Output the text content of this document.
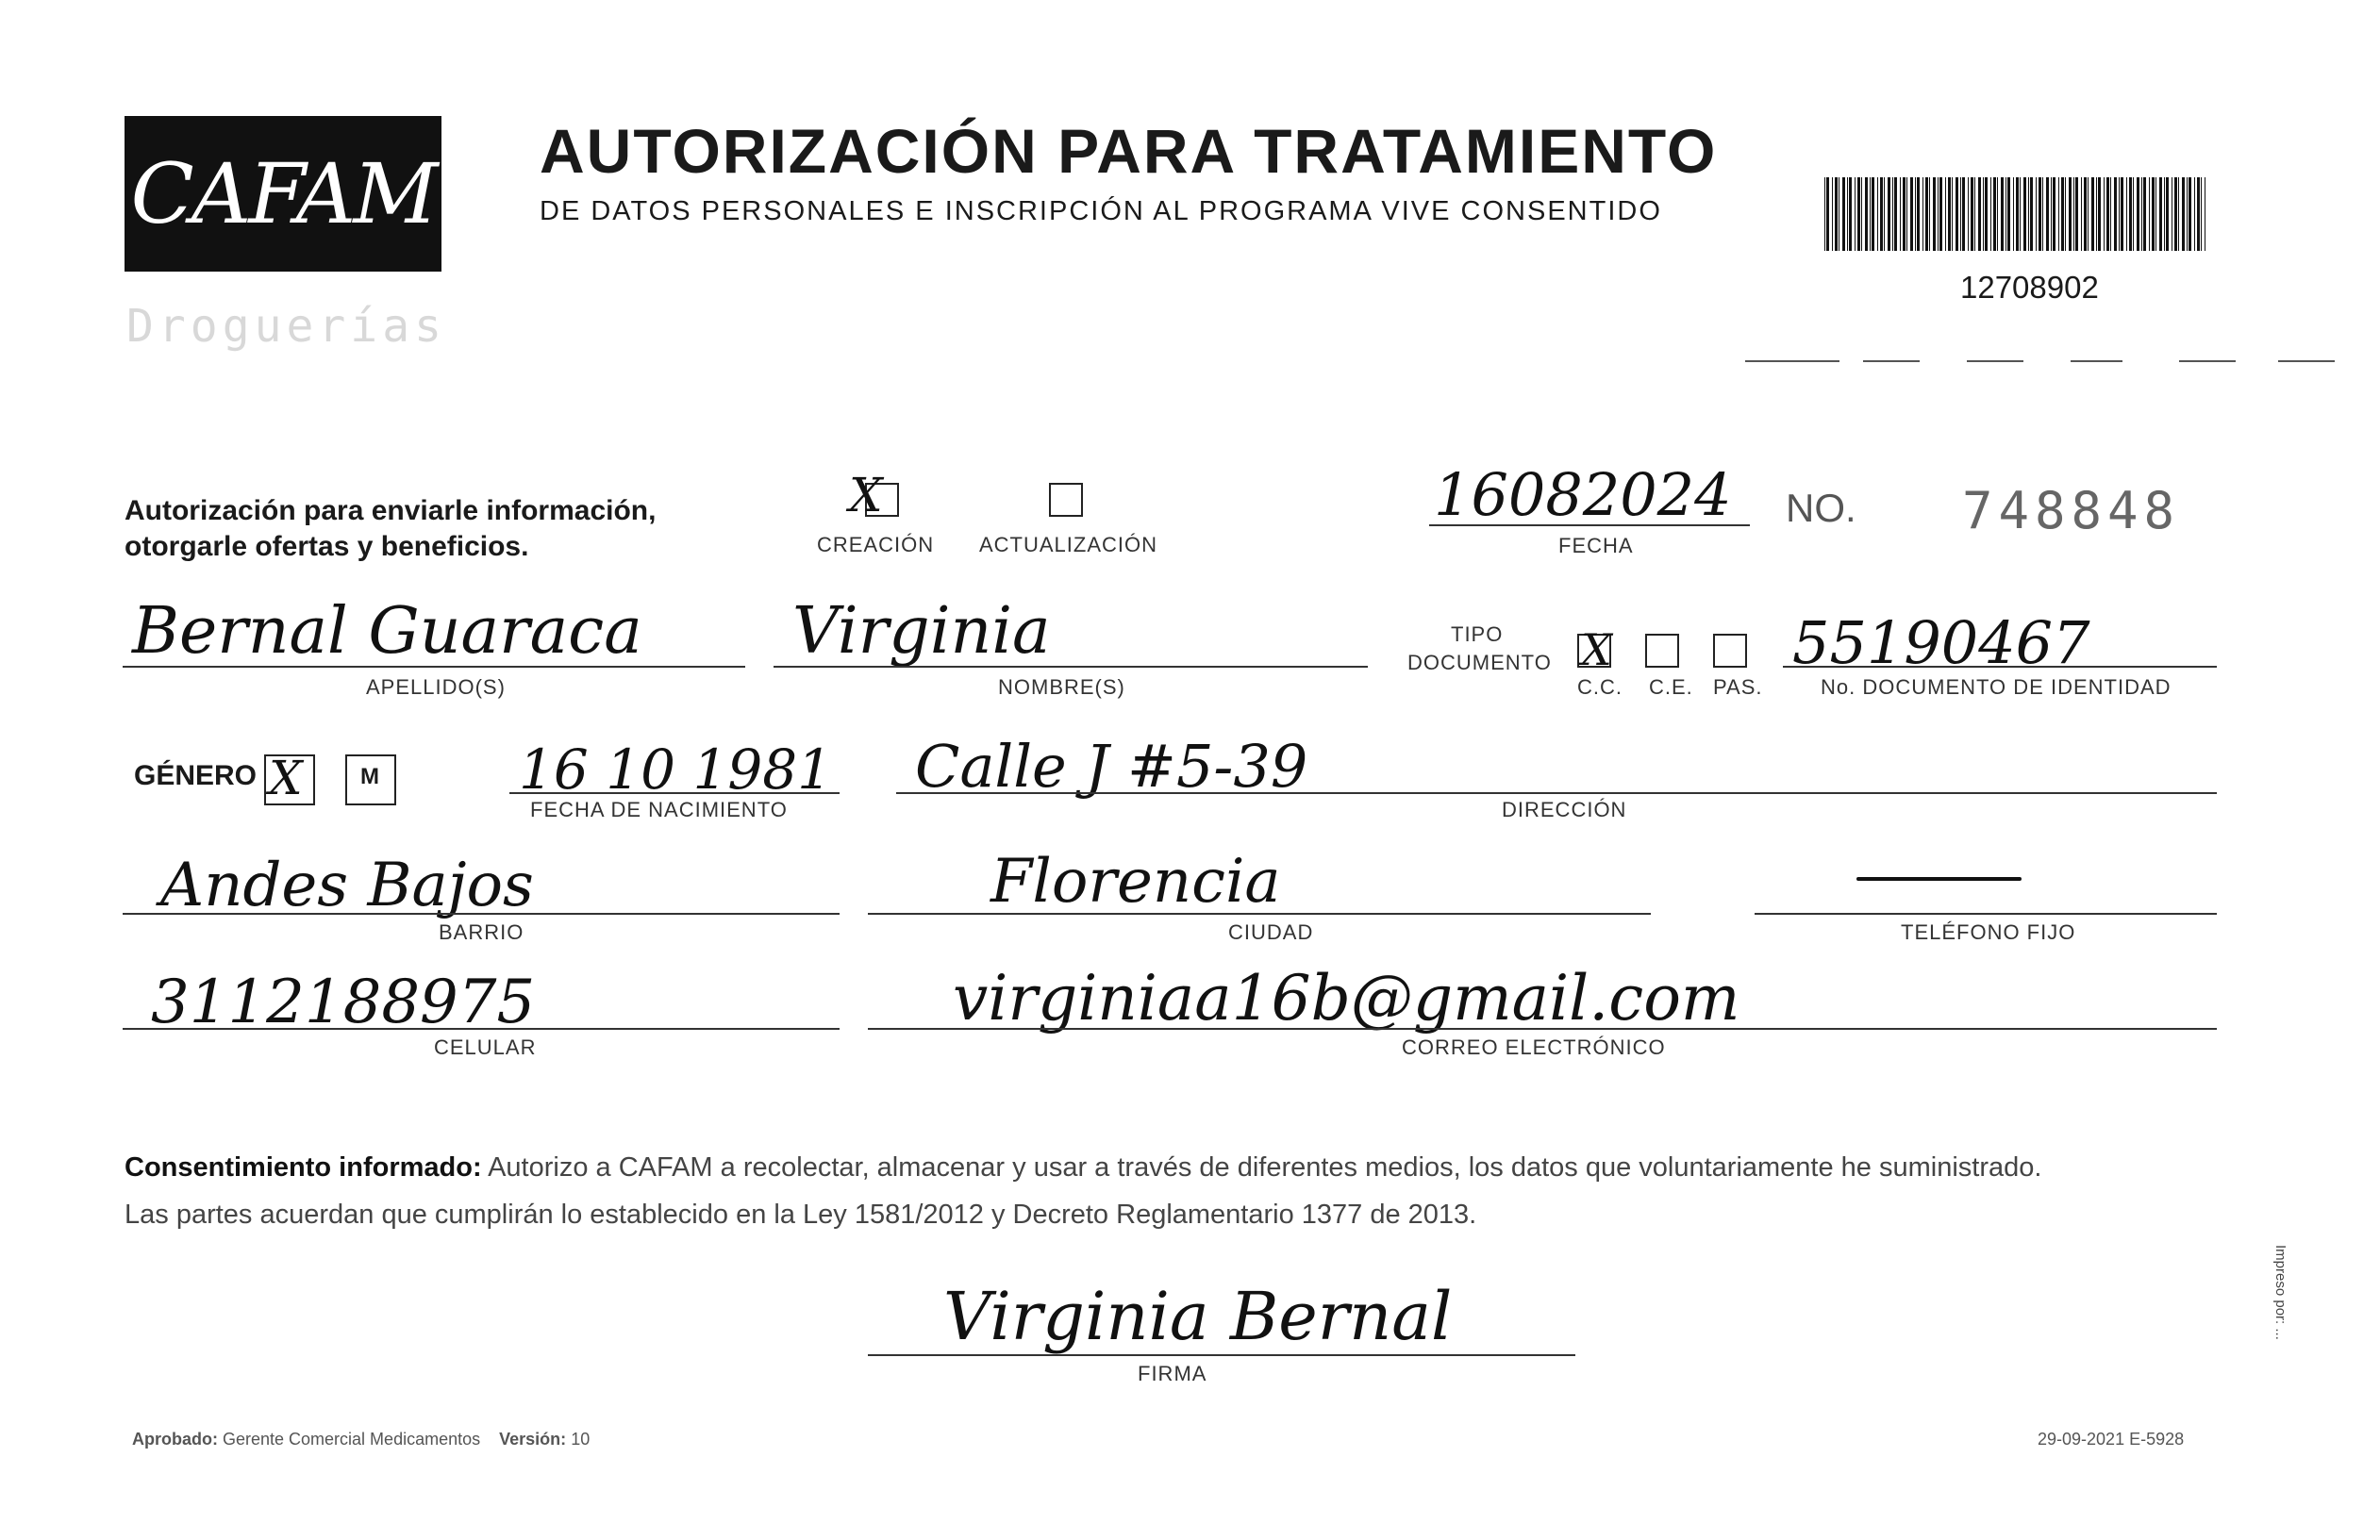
CAFAM
Droguerías
AUTORIZACIÓN PARA TRATAMIENTO
DE DATOS PERSONALES E INSCRIPCIÓN AL PROGRAMA VIVE CONSENTIDO
12708902
Autorización para enviarle información,
otorgarle ofertas y beneficios.
X
CREACIÓN ACTUALIZACIÓN
16082024
FECHA
NO. 748848
Bernal Guaraca
APELLIDO(S)
Virginia
NOMBRE(S)
TIPO
DOCUMENTO X
C.C. C.E. PAS.
55190467
No. DOCUMENTO DE IDENTIDAD
GÉNERO X	M	16 10 1981
FECHA DE NACIMIENTO
Calle J #5-39
DIRECCIÓN
Andes Bajos
BARRIO
Florencia
CIUDAD	TELÉFONO FIJO
3112188975
CELULAR
virginiaa16b@gmail.com
CORREO ELECTRÓNICO
Consentimiento informado: Autorizo a CAFAM a recolectar, almacenar y usar a través de diferentes medios, los datos que voluntariamente he suministrado.
Las partes acuerdan que cumplirán lo establecido en la Ley 1581/2012 y Decreto Reglamentario 1377 de 2013.
Virginia Bernal
FIRMA
Aprobado: Gerente Comercial Medicamentos Versión: 10	29-09-2021 E-5928
Impreso por: ...
